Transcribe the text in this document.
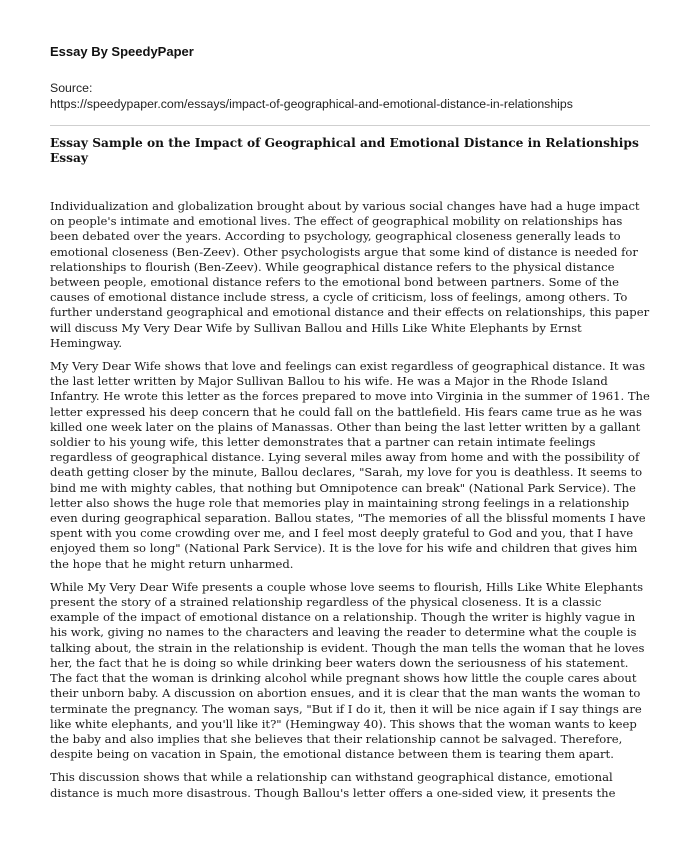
Essay By SpeedyPaper

Source:
https://speedypaper.com/essays/impact-of-geographical-and-emotional-distance-in-relationships

Essay Sample on the Impact of Geographical and Emotional Distance in Relationships Essay

Individualization and globalization brought about by various social changes have had a huge impact on people's intimate and emotional lives. The effect of geographical mobility on relationships has been debated over the years. According to psychology, geographical closeness generally leads to emotional closeness (Ben-Zeev). Other psychologists argue that some kind of distance is needed for relationships to flourish (Ben-Zeev). While geographical distance refers to the physical distance between people, emotional distance refers to the emotional bond between partners. Some of the causes of emotional distance include stress, a cycle of criticism, loss of feelings, among others. To further understand geographical and emotional distance and their effects on relationships, this paper will discuss My Very Dear Wife by Sullivan Ballou and Hills Like White Elephants by Ernst Hemingway.

My Very Dear Wife shows that love and feelings can exist regardless of geographical distance. It was the last letter written by Major Sullivan Ballou to his wife. He was a Major in the Rhode Island Infantry. He wrote this letter as the forces prepared to move into Virginia in the summer of 1961. The letter expressed his deep concern that he could fall on the battlefield. His fears came true as he was killed one week later on the plains of Manassas. Other than being the last letter written by a gallant soldier to his young wife, this letter demonstrates that a partner can retain intimate feelings regardless of geographical distance. Lying several miles away from home and with the possibility of death getting closer by the minute, Ballou declares, "Sarah, my love for you is deathless. It seems to bind me with mighty cables, that nothing but Omnipotence can break" (National Park Service). The letter also shows the huge role that memories play in maintaining strong feelings in a relationship even during geographical separation. Ballou states, "The memories of all the blissful moments I have spent with you come crowding over me, and I feel most deeply grateful to God and you, that I have enjoyed them so long" (National Park Service). It is the love for his wife and children that gives him the hope that he might return unharmed.

While My Very Dear Wife presents a couple whose love seems to flourish, Hills Like White Elephants present the story of a strained relationship regardless of the physical closeness. It is a classic example of the impact of emotional distance on a relationship. Though the writer is highly vague in his work, giving no names to the characters and leaving the reader to determine what the couple is talking about, the strain in the relationship is evident. Though the man tells the woman that he loves her, the fact that he is doing so while drinking beer waters down the seriousness of his statement. The fact that the woman is drinking alcohol while pregnant shows how little the couple cares about their unborn baby. A discussion on abortion ensues, and it is clear that the man wants the woman to terminate the pregnancy. The woman says, "But if I do it, then it will be nice again if I say things are like white elephants, and you'll like it?" (Hemingway 40). This shows that the woman wants to keep the baby and also implies that she believes that their relationship cannot be salvaged. Therefore, despite being on vacation in Spain, the emotional distance between them is tearing them apart.

This discussion shows that while a relationship can withstand geographical distance, emotional distance is much more disastrous. Though Ballou's letter offers a one-sided view, it presents the
